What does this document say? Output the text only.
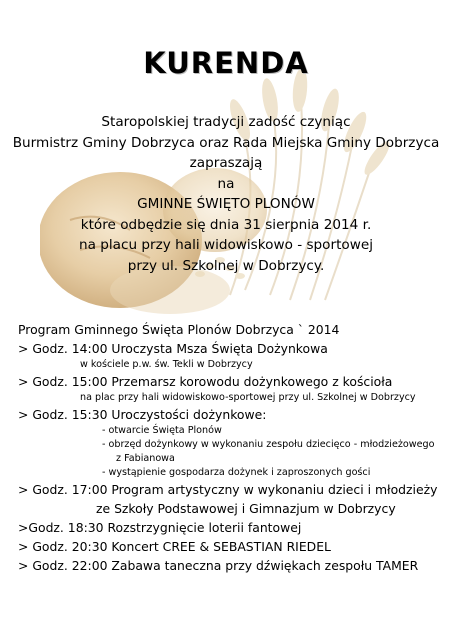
KURENDA
Staropolskiej tradycji zadość czyniąc
Burmistrz Gminy Dobrzyca oraz Rada Miejska Gminy Dobrzyca
zapraszają
na
GMINNE ŚWIĘTO PLONÓW
które odbędzie się dnia 31 sierpnia 2014 r.
na placu przy hali widowiskowo - sportowej
przy ul. Szkolnej w Dobrzycy.
Program Gminnego Święta Plonów Dobrzyca ` 2014
> Godz. 14:00 Uroczysta Msza Święta Dożynkowa
w kościele p.w. św. Tekli w Dobrzycy
> Godz. 15:00 Przemarsz korowodu dożynkowego z kościoła
na plac przy hali widowiskowo-sportowej przy ul. Szkolnej w Dobrzycy
> Godz. 15:30 Uroczystości dożynkowe:
- otwarcie Święta Plonów
- obrzęd dożynkowy w wykonaniu zespołu dziecięco - młodzieżowego
z Fabianowa
- wystąpienie gospodarza dożynek i zaproszonych gości
> Godz. 17:00 Program artystyczny w wykonaniu dzieci i młodzieży
ze Szkoły Podstawowej i Gimnazjum w Dobrzycy
>Godz. 18:30 Rozstrzygnięcie loterii fantowej
> Godz. 20:30 Koncert CREE & SEBASTIAN RIEDEL
> Godz. 22:00 Zabawa taneczna przy dźwiękach zespołu TAMER
